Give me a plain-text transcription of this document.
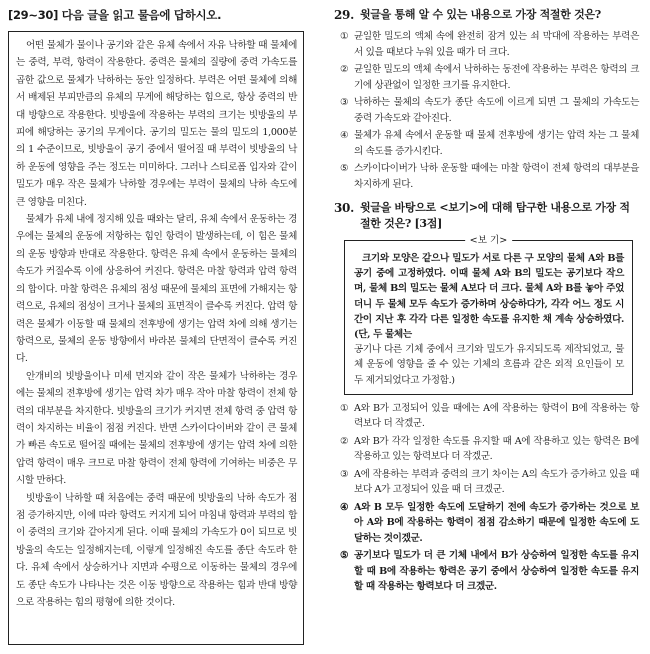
[29~30] 다음 글을 읽고 물음에 답하시오.

어떤 물체가 물이나 공기와 같은 유체 속에서 자유 낙하할 때 물체에는 중력, 부력, 항력이 작용한다. 중력은 물체의 질량에 중력 가속도를 곱한 값으로 물체가 낙하하는 동안 일정하다. 부력은 어떤 물체에 의해서 배제된 부피만큼의 유체의 무게에 해당하는 힘으로, 항상 중력의 반대 방향으로 작용한다. 빗방울에 작용하는 부력의 크기는 빗방울의 부피에 해당하는 공기의 무게이다. 공기의 밀도는 물의 밀도의 1,000분의 1 수준이므로, 빗방울이 공기 중에서 떨어질 때 부력이 빗방울의 낙하 운동에 영향을 주는 정도는 미미하다. 그러나 스티로폼 입자와 같이 밀도가 매우 작은 물체가 낙하할 경우에는 부력이 물체의 낙하 속도에 큰 영향을 미친다.

물체가 유체 내에 정지해 있을 때와는 달리, 유체 속에서 운동하는 경우에는 물체의 운동에 저항하는 힘인 항력이 발생하는데, 이 힘은 물체의 운동 방향과 반대로 작용한다. 항력은 유체 속에서 운동하는 물체의 속도가 커질수록 이에 상응하여 커진다. 항력은 마찰 항력과 압력 항력의 합이다. 마찰 항력은 유체의 점성 때문에 물체의 표면에 가해지는 항력으로, 유체의 점성이 크거나 물체의 표면적이 클수록 커진다. 압력 항력은 물체가 이동할 때 물체의 전후방에 생기는 압력 차에 의해 생기는 항력으로, 물체의 운동 방향에서 바라본 물체의 단면적이 클수록 커진다.

안개비의 빗방울이나 미세 먼지와 같이 작은 물체가 낙하하는 경우에는 물체의 전후방에 생기는 압력 차가 매우 작아 마찰 항력이 전체 항력의 대부분을 차지한다. 빗방울의 크기가 커지면 전체 항력 중 압력 항력이 차지하는 비율이 점점 커진다. 반면 스카이다이버와 같이 큰 물체가 빠른 속도로 떨어질 때에는 물체의 전후방에 생기는 압력 차에 의한 압력 항력이 매우 크므로 마찰 항력이 전체 항력에 기여하는 비중은 무시할 만하다.

빗방울이 낙하할 때 처음에는 중력 때문에 빗방울의 낙하 속도가 점점 증가하지만, 이에 따라 항력도 커지게 되어 마침내 항력과 부력의 합이 중력의 크기와 같아지게 된다. 이때 물체의 가속도가 0이 되므로 빗방울의 속도는 일정해지는데, 이렇게 일정해진 속도를 종단 속도라 한다. 유체 속에서 상승하거나 지면과 수평으로 이동하는 물체의 경우에도 종단 속도가 나타나는 것은 이동 방향으로 작용하는 힘과 반대 방향으로 작용하는 힘의 평형에 의한 것이다.

29. 윗글을 통해 알 수 있는 내용으로 가장 적절한 것은?
① 균일한 밀도의 액체 속에 완전히 잠겨 있는 쇠 막대에 작용하는 부력은 서 있을 때보다 누워 있을 때가 더 크다.
② 균일한 밀도의 액체 속에서 낙하하는 동전에 작용하는 부력은 항력의 크기에 상관없이 일정한 크기를 유지한다.
③ 낙하하는 물체의 속도가 종단 속도에 이르게 되면 그 물체의 가속도는 중력 가속도와 같아진다.
④ 물체가 유체 속에서 운동할 때 물체 전후방에 생기는 압력 차는 그 물체의 속도를 증가시킨다.
⑤ 스카이다이버가 낙하 운동할 때에는 마찰 항력이 전체 항력의 대부분을 차지하게 된다.
30. 윗글을 바탕으로 <보기>에 대해 탐구한 내용으로 가장 적절한 것은? [3점]
<보 기>

크기와 모양은 같으나 밀도가 서로 다른 구 모양의 물체 A와 B를 공기 중에 고정하였다. 이때 물체 A와 B의 밀도는 공기보다 작으며, 물체 B의 밀도는 물체 A보다 더 크다. 물체 A와 B를 놓아 주었더니 두 물체 모두 속도가 증가하며 상승하다가, 각각 어느 정도 시간이 지난 후 각각 다른 일정한 속도를 유지한 채 계속 상승하였다. (단, 두 물체는

공기나 다른 기체 중에서 크기와 밀도가 유지되도록 제작되었고, 물체 운동에 영향을 줄 수 있는 기체의 흐름과 같은 외적 요인들이 모두 제거되었다고 가정함.)

① A와 B가 고정되어 있을 때에는 A에 작용하는 항력이 B에 작용하는 항력보다 더 작겠군.
② A와 B가 각각 일정한 속도를 유지할 때 A에 작용하고 있는 항력은 B에 작용하고 있는 항력보다 더 작겠군.
③ A에 작용하는 부력과 중력의 크기 차이는 A의 속도가 증가하고 있을 때보다 A가 고정되어 있을 때 더 크겠군.
④ A와 B 모두 일정한 속도에 도달하기 전에 속도가 증가하는 것으로 보아 A와 B에 작용하는 항력이 점점 감소하기 때문에 일정한 속도에 도달하는 것이겠군.
⑤ 공기보다 밀도가 더 큰 기체 내에서 B가 상승하여 일정한 속도를 유지할 때 B에 작용하는 항력은 공기 중에서 상승하여 일정한 속도를 유지할 때 작용하는 항력보다 더 크겠군.
